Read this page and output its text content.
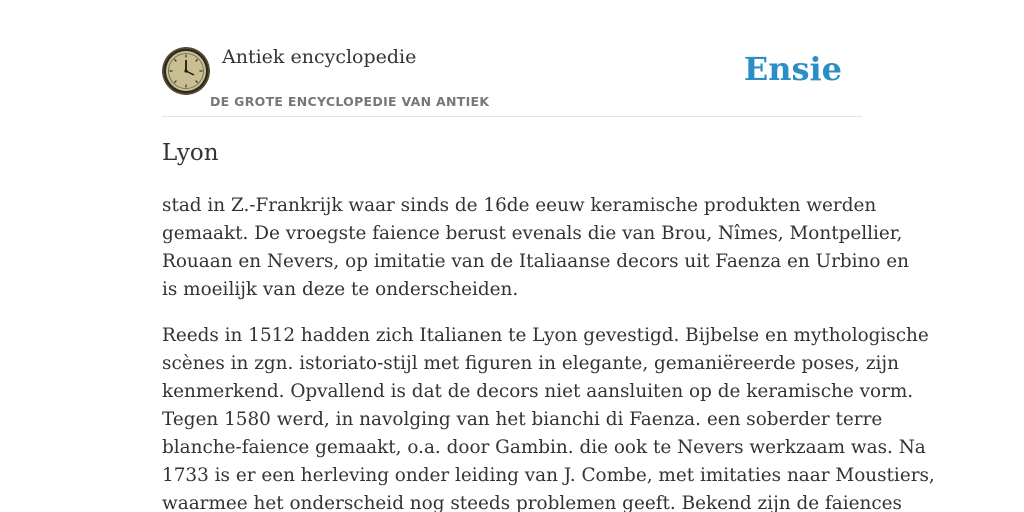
Antiek encyclopedie
DE GROTE ENCYCLOPEDIE VAN ANTIEK
Ensie
Lyon

stad in Z.-Frankrijk waar sinds de 16de eeuw keramische produkten werden
gemaakt. De vroegste faience berust evenals die van Brou, Nîmes, Montpellier,
Rouaan en Nevers, op imitatie van de Italiaanse decors uit Faenza en Urbino en
is moeilijk van deze te onderscheiden.

Reeds in 1512 hadden zich Italianen te Lyon gevestigd. Bijbelse en mythologische
scènes in zgn. istoriato-stijl met figuren in elegante, gemaniëreerde poses, zijn
kenmerkend. Opvallend is dat de decors niet aansluiten op de keramische vorm.
Tegen 1580 werd, in navolging van het bianchi di Faenza. een soberder terre
blanche-faience gemaakt, o.a. door Gambin. die ook te Nevers werkzaam was. Na
1733 is er een herleving onder leiding van J. Combe, met imitaties naar Moustiers,
waarmee het onderscheid nog steeds problemen geeft. Bekend zijn de faiences
